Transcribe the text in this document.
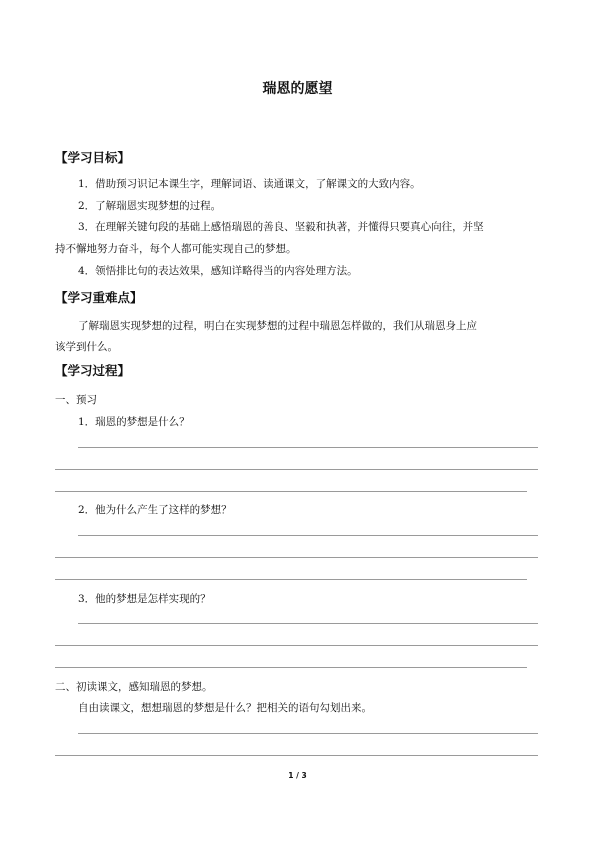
瑞恩的愿望
【学习目标】
1．借助预习识记本课生字，理解词语、读通课文，了解课文的大致内容。
2．了解瑞恩实现梦想的过程。
3．在理解关键句段的基础上感悟瑞恩的善良、坚毅和执著，并懂得只要真心向往，并坚
持不懈地努力奋斗，每个人都可能实现自己的梦想。
4．领悟排比句的表达效果，感知详略得当的内容处理方法。
【学习重难点】
了解瑞恩实现梦想的过程，明白在实现梦想的过程中瑞恩怎样做的，我们从瑞恩身上应
该学到什么。
【学习过程】
一、预习
1．瑞恩的梦想是什么？
2．他为什么产生了这样的梦想？
3．他的梦想是怎样实现的？
二、初读课文，感知瑞恩的梦想。
自由读课文，想想瑞恩的梦想是什么？把相关的语句勾划出来。
1 / 3
